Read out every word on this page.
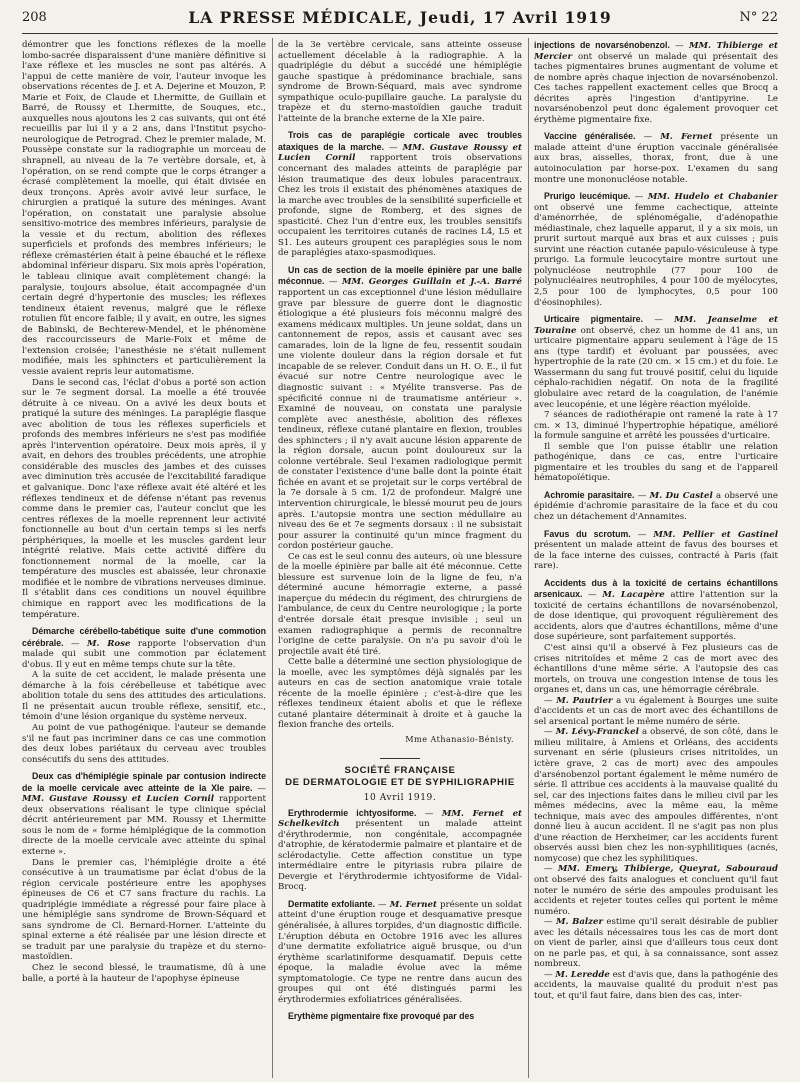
208	LA PRESSE MÉDICALE, Jeudi, 17 Avril 1919	N° 22

démontrer que les fonctions réflexes de la moelle lombo-sacrée disparaissent d'une manière définitive si l'axe réflexe et les muscles ne sont pas altérés. A l'appui de cette manière de voir, l'auteur invoque les observations récentes de J. et A. Dejerine et Mouzon, P. Marie et Foix, de Claude et Lhermitte, de Guillain et Barré, de Roussy et Lhermitte, de Souques, etc., auxquelles nous ajoutons les 2 cas suivants, qui ont été recueillis par lui il y a 2 ans, dans l'Institut psycho-neurologique de Petrograd. Chez le premier malade, M. Poussèpe constate sur la radiographie un morceau de shrapnell, au niveau de la 7e vertèbre dorsale, et, à l'opération, on se rend compte que le corps étranger a écrasé complètement la moelle, qui était divisée en deux tronçons. Après avoir avivé leur surface, le chirurgien a pratiqué la suture des méninges. Avant l'opération, on constatait une paralysie absolue sensitivo-motrice des membres inférieurs, paralysie de la vessie et du rectum, abolition des réflexes superficiels et profonds des membres inférieurs; le réflexe crémastérien était à peine ébauché et le réflexe abdominal inférieur disparu. Six mois après l'opération, le tableau clinique avait complètement changé: la paralysie, toujours absolue, était accompagnée d'un certain degré d'hypertonie des muscles; les réflexes tendineux étaient revenus, malgré que le réflexe rotulien fût encore faible; il y avait, en outre, les signes de Babinski, de Bechterew-Mendel, et le phénomène des raccourcisseurs de Marie-Foix et même de l'extension croisée; l'anesthésie ne s'était nullement modifiée, mais les sphincters et particulièrement la vessie avaient repris leur automatisme.

Dans le second cas, l'éclat d'obus a porté son action sur le 7e segment dorsal. La moelle a été trouvée détruite à ce niveau. On a avivé les deux bouts et pratiqué la suture des méninges. La paraplégie flasque avec abolition de tous les réflexes superficiels et profonds des membres inférieurs ne s'est pas modifiée après l'intervention opératoire. Deux mois après, il y avait, en dehors des troubles précédents, une atrophie considérable des muscles des jambes et des cuisses avec diminution très accusée de l'excitabilité faradique et galvanique. Donc l'axe réflexe avait été altéré et les réflexes tendineux et de défense n'étant pas revenus comme dans le premier cas, l'auteur conclut que les centres réflexes de la moelle reprennent leur activité fonctionnelle au bout d'un certain temps si les nerfs périphériques, la moelle et les muscles gardent leur intégrité relative. Mais cette activité diffère du fonctionnement normal de la moelle, car la température des muscles est abaissée, leur chronaxie modifiée et le nombre de vibrations nerveuses diminue. Il s'établit dans ces conditions un nouvel équilibre chimique en rapport avec les modifications de la température.

Démarche cérébello-tabétique suite d'une commotion cérébrale. — M. Rose rapporte l'observation d'un malade qui subit une commotion par éclatement d'obus. Il y eut en même temps chute sur la tête.

A la suite de cet accident, le malade présenta une démarche à la fois cérébelleuse et tabétique avec abolition totale du sens des attitudes des articulations. Il ne présentait aucun trouble réflexe, sensitif, etc., témoin d'une lésion organique du système nerveux.

Au point de vue pathogénique. l'auteur se demande s'il ne faut pas incriminer dans ce cas une commotion des deux lobes pariétaux du cerveau avec troubles consécutifs du sens des attitudes.

Deux cas d'hémiplégie spinale par contusion indirecte de la moelle cervicale avec atteinte de la XIe paire. — MM. Gustave Roussy et Lucien Cornil rapportent deux observations réalisant le type clinique spécial décrit antérieurement par MM. Roussy et Lhermitte sous le nom de « forme hémiplégique de la commotion directe de la moelle cervicale avec atteinte du spinal externe ».

Dans le premier cas, l'hémiplégie droite a été consécutive à un traumatisme par éclat d'obus de la région cervicale postérieure entre les apophyses épineuses de C6 et C7 sans fracture du rachis. La quadriplégie immédiate a régressé pour faire place à une hémiplégie sans syndrome de Brown-Séquard et sans syndrome de Cl. Bernard-Horner. L'atteinte du spinal externe a été réalisée par une lésion directe et se traduit par une paralysie du trapèze et du sterno-mastoïdien.

Chez le second blessé, le traumatisme, dû à une balle, a porté à la hauteur de l'apophyse épineuse

de la 3e vertèbre cervicale, sans atteinte osseuse actuellement décelable à la radiographie. A la quadriplégie du début a succédé une hémiplégie gauche spastique à prédominance brachiale, sans syndrome de Brown-Séquard, mais avec syndrome sympathique oculo-pupillaire gauche. La paralysie du trapèze et du sterno-mastoïdien gauche traduit l'atteinte de la branche externe de la XIe paire.

Trois cas de paraplégie corticale avec troubles ataxiques de la marche. — MM. Gustave Roussy et Lucien Cornil rapportent trois observations concernant des malades atteints de paraplégie par lésion traumatique des deux lobules paracentraux. Chez les trois il existait des phénomènes ataxiques de la marche avec troubles de la sensibilité superficielle et profonde, signe de Romberg, et des signes de spasticité. Chez l'un d'entre eux, les troubles sensitifs occupaient les territoires cutanés de racines L4, L5 et S1. Les auteurs groupent ces paraplégies sous le nom de paraplégies ataxo-spasmodiques.

Un cas de section de la moelle épinière par une balle méconnue. — MM. Georges Guillain et J.-A. Barré rapportent un cas exceptionnel d'une lésion médullaire grave par blessure de guerre dont le diagnostic étiologique a été plusieurs fois méconnu malgré des examens médicaux multiples. Un jeune soldat, dans un cantonnement de repos, assis et causant avec ses camarades, loin de la ligne de feu, ressentit soudain une violente douleur dans la région dorsale et fut incapable de se relever. Conduit dans un H. O. E., il fut évacué sur notre Centre neurologique avec le diagnostic suivant : « Myélite transverse. Pas de spécificité connue ni de traumatisme antérieur ». Examiné de nouveau, on constata une paralysie complète avec anesthésie, abolition des réflexes tendineux, réflexe cutané plantaire en flexion, troubles des sphincters ; il n'y avait aucune lésion apparente de la région dorsale, aucun point douloureux sur la colonne vertébrale. Seul l'examen radiologique permit de constater l'existence d'une balle dont la pointe était fichée en avant et se projetait sur le corps vertébral de la 7e dorsale à 5 cm. 1/2 de profondeur. Malgré une intervention chirurgicale, le blessé mourut peu de jours après. L'autopsie montra une section médullaire au niveau des 6e et 7e segments dorsaux : il ne subsistait pour assurer la continuité qu'un mince fragment du cordon postérieur gauche.

Ce cas est le seul connu des auteurs, où une blessure de la moelle épinière par balle ait été méconnue. Cette blessure est survenue loin de la ligne de feu, n'a déterminé aucune hémorragie externe, a passé inaperçue du médecin du régiment, des chirurgiens de l'ambulance, de ceux du Centre neurologique ; la porte d'entrée dorsale était presque invisible ; seul un examen radiographique a permis de reconnaître l'origine de cette paralysie. On n'a pu savoir d'où le projectile avait été tiré.

Cette balle a déterminé une section physiologique de la moelle, avec les symptômes déjà signalés par les auteurs en cas de section anatomique vraie totale récente de la moelle épinière ; c'est-à-dire que les réflexes tendineux étaient abolis et que le réflexe cutané plantaire déterminait à droite et à gauche la flexion franche des orteils.

Mme Athanasio-Bénisty.
SOCIÉTÉ FRANÇAISE
DE DERMATOLOGIE ET DE SYPHILIGRAPHIE
10 Avril 1919.

Erythrodermie ichtyosiforme. — MM. Fernet et Schelkevitch présentent un malade atteint d'érythrodermie, non congénitale, accompagnée d'atrophie, de kératodermie palmaire et plantaire et de sclérodactylie. Cette affection constitue un type intermédiaire entre le pityriasis rubra pilaire de Devergie et l'érythrodermie ichtyosiforme de Vidal-Brocq.

Dermatite exfoliante. — M. Fernet présente un soldat atteint d'une éruption rouge et desquamative presque généralisée, à allures torpides, d'un diagnostic difficile. L'éruption débuta en Octobre 1916 avec les allures d'une dermatite exfoliatrice aiguë brusque, ou d'un érythème scarlatiniforme desquamatif. Depuis cette époque, la maladie évolue avec la même symptomatologie. Ce type ne rentre dans aucun des groupes qui ont été distingués parmi les érythrodermies exfoliatrices généralisées.

Erythème pigmentaire fixe provoqué par des

injections de novarsénobenzol. — MM. Thibierge et Mercier ont observé un malade qui présentait des taches pigmentaires brunes augmentant de volume et de nombre après chaque injection de novarsénobenzol. Ces taches rappellent exactement celles que Brocq a décrites après l'ingestion d'antipyrine. Le novarsénobenzol peut donc également provoquer cet érythème pigmentaire fixe.

Vaccine généralisée. — M. Fernet présente un malade atteint d'une éruption vaccinale généralisée aux bras, aisselles, thorax, front, due à une autoinoculation par horse-pox. L'examen du sang montre une mononucléose notable.

Prurigo leucémique. — MM. Hudelo et Chabanier ont observé une femme cachectique, atteinte d'aménorrhée, de splénomégalie, d'adénopathie médiastinale, chez laquelle apparut, il y a six mois, un prurit surtout marqué aux bras et aux cuisses ; puis survint une réaction cutanée papulo-vésiculeuse à type prurigo. La formule leucocytaire montre surtout une polynucléose neutrophile (77 pour 100 de polynucléaires neutrophiles, 4 pour 100 de myélocytes, 2,5 pour 100 de lymphocytes, 0,5 pour 100 d'éosinophiles).

Urticaire pigmentaire. — MM. Jeanselme et Touraine ont observé, chez un homme de 41 ans, un urticaire pigmentaire apparu seulement à l'âge de 15 ans (type tardif) et évoluant par poussées, avec hypertrophie de la rate (20 cm. × 15 cm.) et du foie. Le Wassermann du sang fut trouvé positif, celui du liquide céphalo-rachidien négatif. On nota de la fragilité globulaire avec retard de la coagulation, de l'anémie avec leucopénie, et une légère réaction myéloïde.

7 séances de radiothérapie ont ramené la rate à 17 cm. × 13, diminué l'hypertrophie hépatique, amélioré la formule sanguine et arrêté les poussées d'urticaire.

Il semble que l'on puisse établir une relation pathogénique, dans ce cas, entre l'urticaire pigmentaire et les troubles du sang et de l'appareil hématopoïétique.

Achromie parasitaire. — M. Du Castel a observé une épidémie d'achromie parasitaire de la face et du cou chez un détachement d'Annamites.

Favus du scrotum. — MM. Pellier et Gastinel présentent un malade atteint de favus des bourses et de la face interne des cuisses, contracté à Paris (fait rare).

Accidents dus à la toxicité de certains échantillons arsenicaux. — M. Lacapère attire l'attention sur la toxicité de certains échantillons de novarsénobenzol, de dose identique, qui provoquent régulièrement des accidents, alors que d'autres échantillons, même d'une dose supérieure, sont parfaitement supportés.

C'est ainsi qu'il a observé à Fez plusieurs cas de crises nitritoïdes et même 2 cas de mort avec des échantillons d'une même série. A l'autopsie des cas mortels, on trouva une congestion intense de tous les organes et, dans un cas, une hémorragie cérébrale.

— M. Pautrier a vu également à Bourges une suite d'accidents et un cas de mort avec des échantillons de sel arsenical portant le même numéro de série.

— M. Lévy-Franckel a observé, de son côté, dans le milieu militaire, à Amiens et Orléans, des accidents survenant en série (plusieurs crises nitritoïdes, un ictère grave, 2 cas de mort) avec des ampoules d'arsénobenzol portant également le même numéro de série. Il attribue ces accidents à la mauvaise qualité du sel, car des injections faites dans le milieu civil par les mêmes médecins, avec la même eau, la même technique, mais avec des ampoules différentes, n'ont donné lieu à aucun accident. Il ne s'agit pas non plus d'une réaction de Herxheimer, car les accidents furent observés aussi bien chez les non-syphilitiques (acnés, nomycose) que chez les syphilitiques.

— MM. Emery, Thibierge, Queyrat, Sabouraud ont observé des faits analogues et concluent qu'il faut noter le numéro de série des ampoules produisant les accidents et rejeter toutes celles qui portent le même numéro.

— M. Balzer estime qu'il serait désirable de publier avec les détails nécessaires tous les cas de mort dont on vient de parler, ainsi que d'ailleurs tous ceux dont on ne parle pas, et qui, à sa connaissance, sont assez nombreux.

— M. Leredde est d'avis que, dans la pathogénie des accidents, la mauvaise qualité du produit n'est pas tout, et qu'il faut faire, dans bien des cas, inter-
